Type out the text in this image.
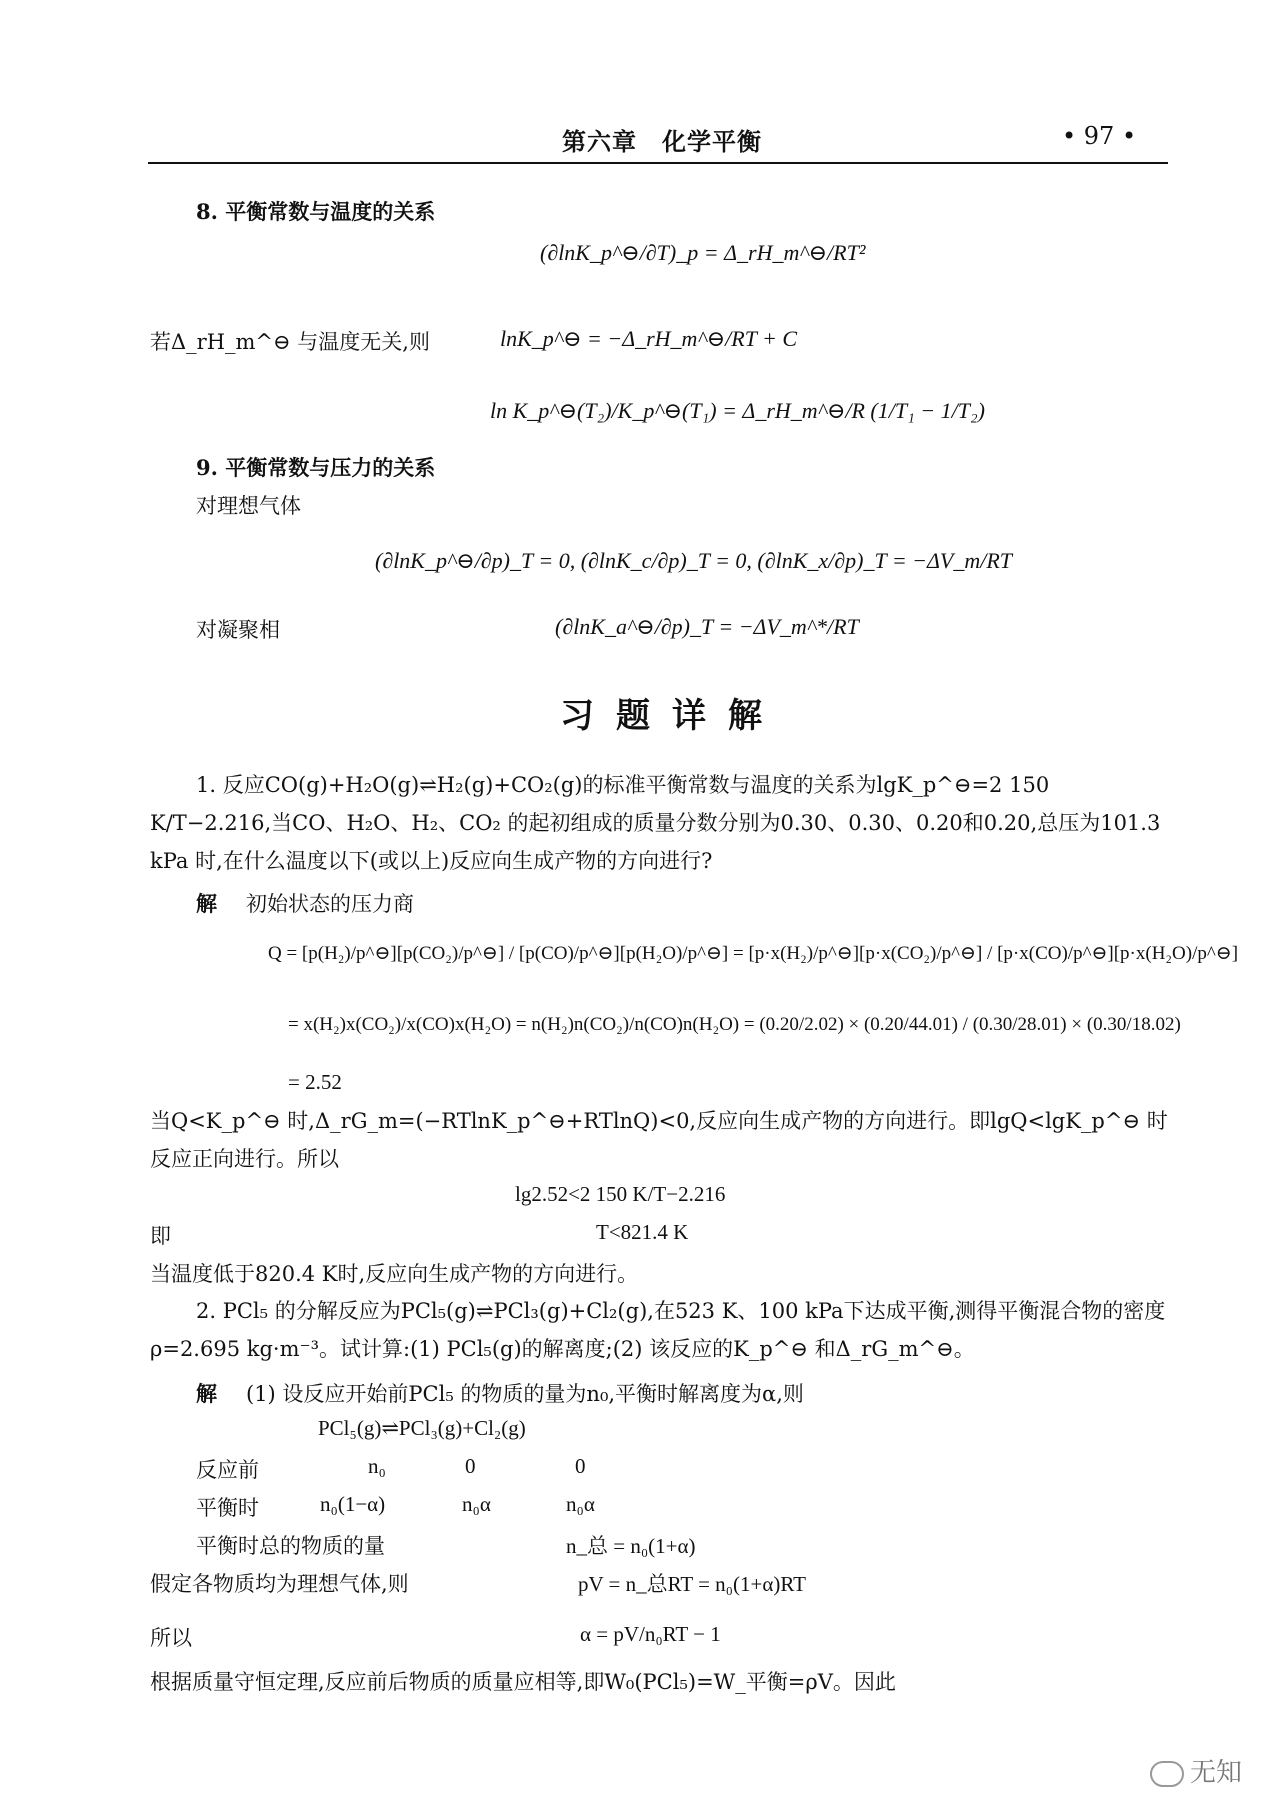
第六章　化学平衡	• 97 •
8. 平衡常数与温度的关系
(∂lnK_p^⊖/∂T)_p = Δ_rH_m^⊖/RT²
若Δ_rH_m^⊖ 与温度无关,则	lnK_p^⊖ = −Δ_rH_m^⊖/RT + C
ln K_p^⊖(T₂)/K_p^⊖(T₁) = Δ_rH_m^⊖/R (1/T₁ − 1/T₂)
9. 平衡常数与压力的关系
对理想气体
(∂lnK_p^⊖/∂p)_T = 0, (∂lnK_c/∂p)_T = 0, (∂lnK_x/∂p)_T = −ΔV_m/RT
对凝聚相	(∂lnK_a^⊖/∂p)_T = −ΔV_m^*/RT
习题详解
1. 反应CO(g)+H₂O(g)⇌H₂(g)+CO₂(g)的标准平衡常数与温度的关系为lgK_p^⊖=2 150 K/T−2.216,当CO、H₂O、H₂、CO₂ 的起初组成的质量分数分别为0.30、0.30、0.20和0.20,总压为101.3 kPa 时,在什么温度以下(或以上)反应向生成产物的方向进行?
解 初始状态的压力商
Q = [p(H₂)/p^⊖][p(CO₂)/p^⊖] / [p(CO)/p^⊖][p(H₂O)/p^⊖] = [p·x(H₂)/p^⊖][p·x(CO₂)/p^⊖] / [p·x(CO)/p^⊖][p·x(H₂O)/p^⊖]
= x(H₂)x(CO₂)/x(CO)x(H₂O) = n(H₂)n(CO₂)/n(CO)n(H₂O) = (0.20/2.02) × (0.20/44.01) / (0.30/28.01) × (0.30/18.02)
= 2.52
当Q<K_p^⊖ 时,Δ_rG_m=(−RTlnK_p^⊖+RTlnQ)<0,反应向生成产物的方向进行。即lgQ<lgK_p^⊖ 时反应正向进行。所以
lg2.52<2 150 K/T−2.216
即	T<821.4 K
当温度低于820.4 K时,反应向生成产物的方向进行。
2. PCl₅ 的分解反应为PCl₅(g)⇌PCl₃(g)+Cl₂(g),在523 K、100 kPa下达成平衡,测得平衡混合物的密度ρ=2.695 kg·m⁻³。试计算:(1) PCl₅(g)的解离度;(2) 该反应的K_p^⊖ 和Δ_rG_m^⊖。
解 (1) 设反应开始前PCl₅ 的物质的量为n₀,平衡时解离度为α,则
PCl₅(g)⇌PCl₃(g)+Cl₂(g)
反应前	n₀	0	0
平衡时	n₀(1−α)	n₀α	n₀α
平衡时总的物质的量	n_总 = n₀(1+α)
假定各物质均为理想气体,则	pV = n_总RT = n₀(1+α)RT
所以	α = pV/n₀RT − 1
根据质量守恒定理,反应前后物质的质量应相等,即W₀(PCl₅)=W_平衡=ρV。因此
无知
